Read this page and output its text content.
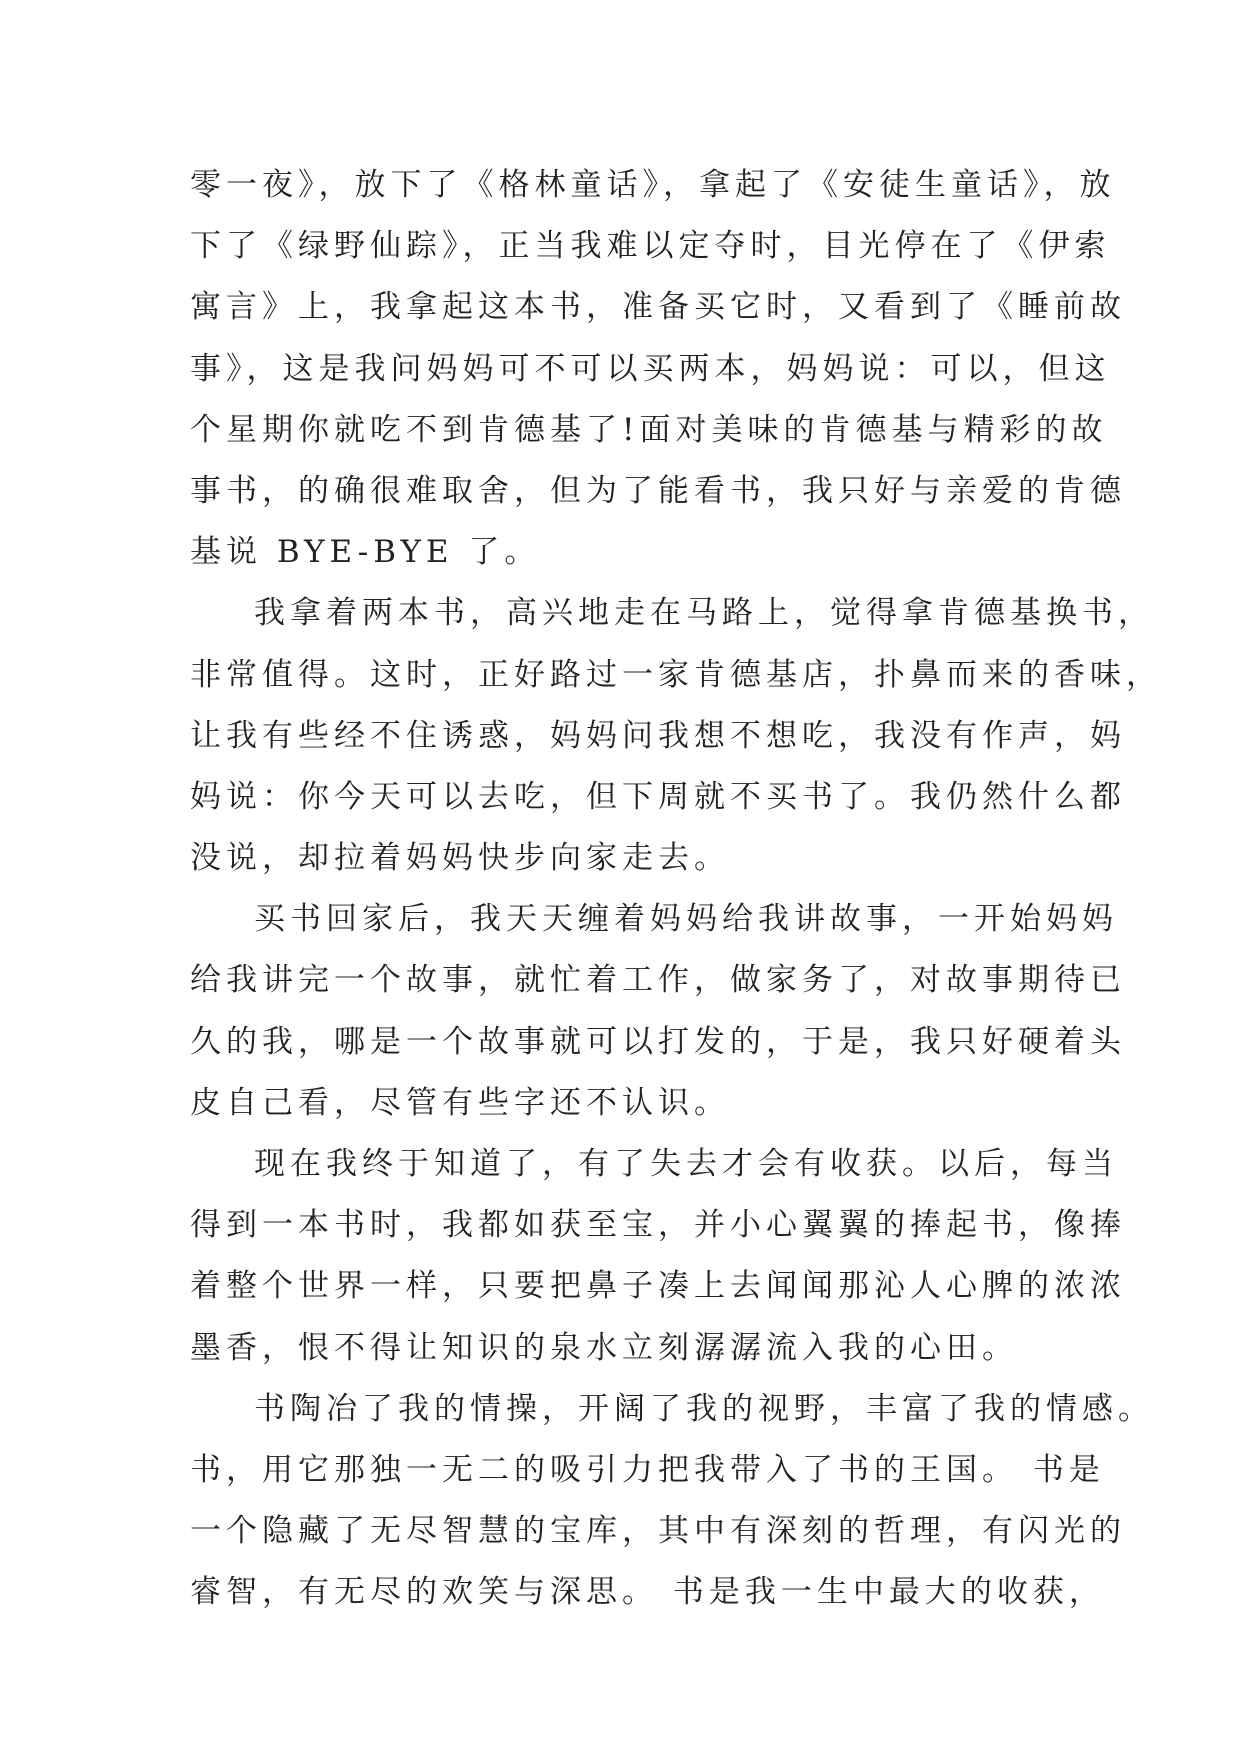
零一夜》，放下了《格林童话》，拿起了《安徒生童话》，放
下了《绿野仙踪》，正当我难以定夺时，目光停在了《伊索
寓言》上，我拿起这本书，准备买它时，又看到了《睡前故
事》，这是我问妈妈可不可以买两本，妈妈说：可以，但这
个星期你就吃不到肯德基了!面对美味的肯德基与精彩的故
事书，的确很难取舍，但为了能看书，我只好与亲爱的肯德
基说 BYE-BYE 了。
我拿着两本书，高兴地走在马路上，觉得拿肯德基换书，
非常值得。这时，正好路过一家肯德基店，扑鼻而来的香味，
让我有些经不住诱惑，妈妈问我想不想吃，我没有作声，妈
妈说：你今天可以去吃，但下周就不买书了。我仍然什么都
没说，却拉着妈妈快步向家走去。
买书回家后，我天天缠着妈妈给我讲故事，一开始妈妈
给我讲完一个故事，就忙着工作，做家务了，对故事期待已
久的我，哪是一个故事就可以打发的，于是，我只好硬着头
皮自己看，尽管有些字还不认识。
现在我终于知道了，有了失去才会有收获。以后，每当
得到一本书时，我都如获至宝，并小心翼翼的捧起书，像捧
着整个世界一样，只要把鼻子凑上去闻闻那沁人心脾的浓浓
墨香，恨不得让知识的泉水立刻潺潺流入我的心田。
书陶冶了我的情操，开阔了我的视野，丰富了我的情感。
书，用它那独一无二的吸引力把我带入了书的王国。 书是
一个隐藏了无尽智慧的宝库，其中有深刻的哲理，有闪光的
睿智，有无尽的欢笑与深思。 书是我一生中最大的收获，
